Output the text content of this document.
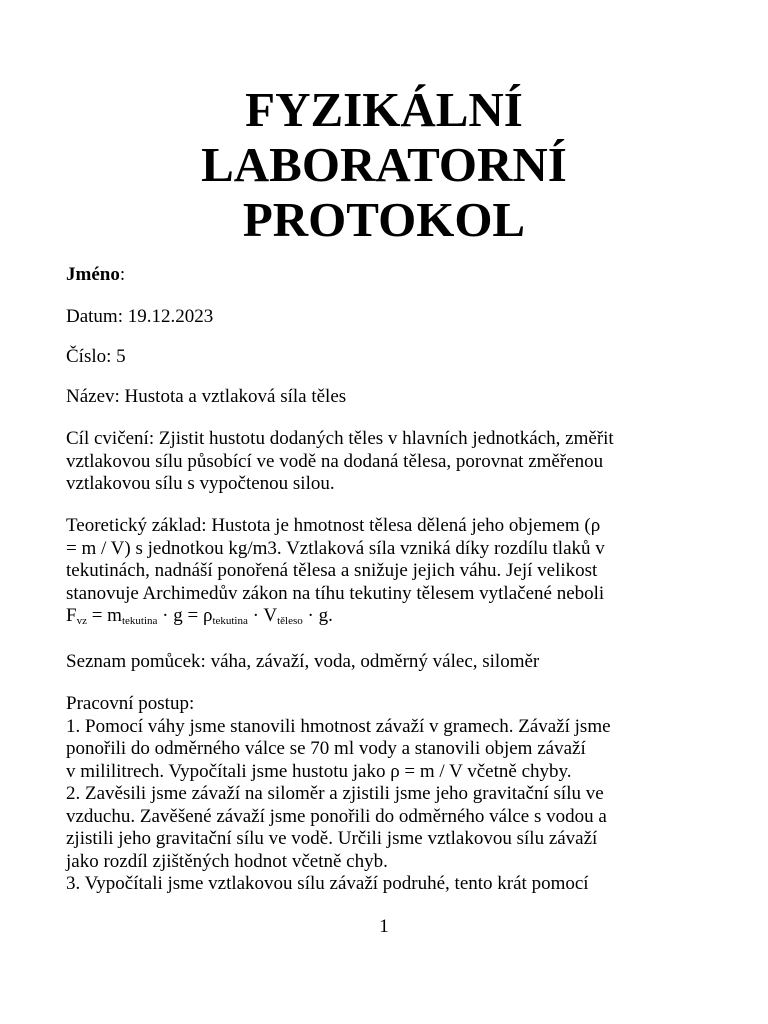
FYZIKÁLNÍ
LABORATORNÍ
PROTOKOL

Jméno:

Datum: 19.12.2023

Číslo: 5

Název: Hustota a vztlaková síla těles

Cíl cvičení: Zjistit hustotu dodaných těles v hlavních jednotkách, změřit
vztlakovou sílu působící ve vodě na dodaná tělesa, porovnat změřenou
vztlakovou sílu s vypočtenou silou.

Teoretický základ: Hustota je hmotnost tělesa dělená jeho objemem (ρ
= m / V) s jednotkou kg/m3. Vztlaková síla vzniká díky rozdílu tlaků v
tekutinách, nadnáší ponořená tělesa a snižuje jejich váhu. Její velikost
stanovuje Archimedův zákon na tíhu tekutiny tělesem vytlačené neboli
$F_{vz} = m_{tekutina} \cdot g = \rho_{tekutina} \cdot V_{těleso} \cdot g$.

Seznam pomůcek: váha, závaží, voda, odměrný válec, siloměr

Pracovní postup:
1. Pomocí váhy jsme stanovili hmotnost závaží v gramech. Závaží jsme
ponořili do odměrného válce se 70 ml vody a stanovili objem závaží
v mililitrech. Vypočítali jsme hustotu jako ρ = m / V včetně chyby.
2. Zavěsili jsme závaží na siloměr a zjistili jsme jeho gravitační sílu ve
vzduchu. Zavěšené závaží jsme ponořili do odměrného válce s vodou a
zjistili jeho gravitační sílu ve vodě. Určili jsme vztlakovou sílu závaží
jako rozdíl zjištěných hodnot včetně chyb.
3. Vypočítali jsme vztlakovou sílu závaží podruhé, tento krát pomocí

1
